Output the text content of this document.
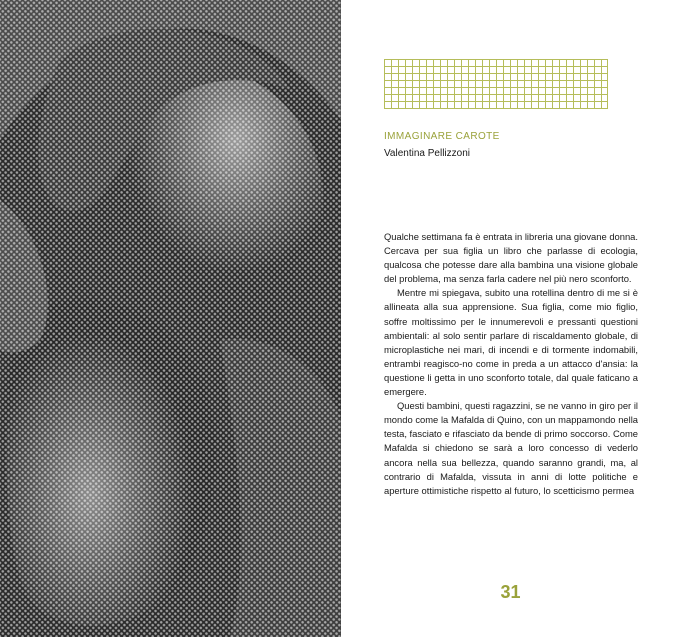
IMMAGINARE CAROTE
Valentina Pellizzoni

Qualche settimana fa è entrata in libreria una giovane donna. Cercava per sua figlia un libro che parlasse di ecologia, qualcosa che potesse dare alla bambina una visione globale del problema, ma senza farla cadere nel più nero sconforto.

Mentre mi spiegava, subito una rotellina dentro di me si è allineata alla sua apprensione. Sua figlia, come mio figlio, soffre moltissimo per le innumerevoli e pressanti questioni ambientali: al solo sentir parlare di riscaldamento globale, di microplastiche nei mari, di incendi e di tormente indomabili, entrambi reagisco-no come in preda a un attacco d'ansia: la questione li getta in uno sconforto totale, dal quale faticano a emergere.

Questi bambini, questi ragazzini, se ne vanno in giro per il mondo come la Mafalda di Quino, con un mappamondo nella testa, fasciato e rifasciato da bende di primo soccorso. Come Mafalda si chiedono se sarà a loro concesso di vederlo ancora nella sua bellezza, quando saranno grandi, ma, al contrario di Mafalda, vissuta in anni di lotte politiche e aperture ottimistiche rispetto al futuro, lo scetticismo permea

31
